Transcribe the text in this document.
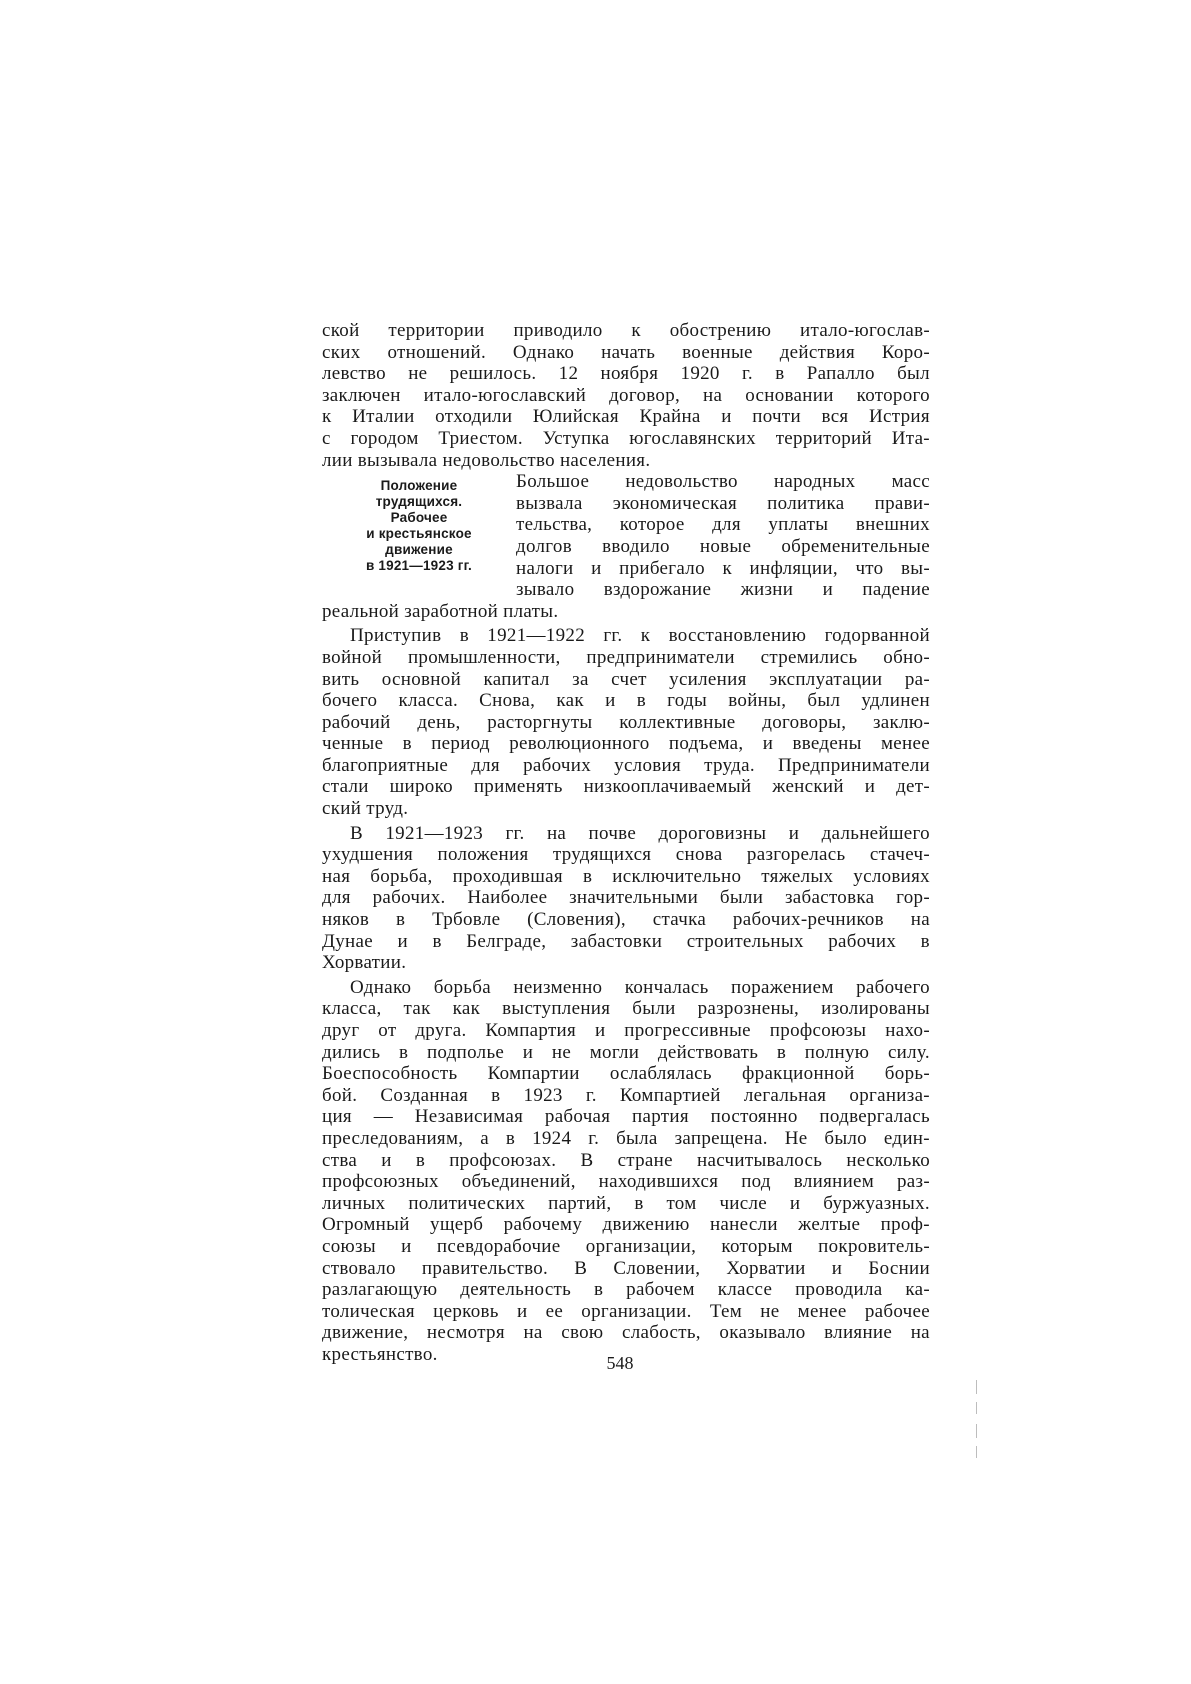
ской территории приводило к обострению итало-югослав-
ских отношений. Однако начать военные действия Коро-
левство не решилось. 12 ноября 1920 г. в Рапалло был
заключен итало-югославский договор, на основании которого
к Италии отходили Юлийская Крайна и почти вся Истрия
с городом Триестом. Уступка югославянских территорий Ита-
лии вызывала недовольство населения.
Положение
трудящихся.
Рабочее
и крестьянское
движение
в 1921—1923 гг.
Большое недовольство народных масс
вызвала экономическая политика прави-
тельства, которое для уплаты внешних
долгов вводило новые обременительные
налоги и прибегало к инфляции, что вы-
зывало вздорожание жизни и падение
реальной заработной платы.
Приступив в 1921—1922 гг. к восстановлению годорванной
войной промышленности, предприниматели стремились обно-
вить основной капитал за счет усиления эксплуатации ра-
бочего класса. Снова, как и в годы войны, был удлинен
рабочий день, расторгнуты коллективные договоры, заклю-
ченные в период революционного подъема, и введены менее
благоприятные для рабочих условия труда. Предприниматели
стали широко применять низкооплачиваемый женский и дет-
ский труд.
В 1921—1923 гг. на почве дороговизны и дальнейшего
ухудшения положения трудящихся снова разгорелась стачеч-
ная борьба, проходившая в исключительно тяжелых условиях
для рабочих. Наиболее значительными были забастовка гор-
няков в Трбовле (Словения), стачка рабочих-речников на
Дунае и в Белграде, забастовки строительных рабочих в
Хорватии.
Однако борьба неизменно кончалась поражением рабочего
класса, так как выступления были разрознены, изолированы
друг от друга. Компартия и прогрессивные профсоюзы нахо-
дились в подполье и не могли действовать в полную силу.
Боеспособность Компартии ослаблялась фракционной борь-
бой. Созданная в 1923 г. Компартией легальная организа-
ция — Независимая рабочая партия постоянно подвергалась
преследованиям, а в 1924 г. была запрещена. Не было един-
ства и в профсоюзах. В стране насчитывалось несколько
профсоюзных объединений, находившихся под влиянием раз-
личных политических партий, в том числе и буржуазных.
Огромный ущерб рабочему движению нанесли желтые проф-
союзы и псевдорабочие организации, которым покровитель-
ствовало правительство. В Словении, Хорватии и Боснии
разлагающую деятельность в рабочем классе проводила ка-
толическая церковь и ее организации. Тем не менее рабочее
движение, несмотря на свою слабость, оказывало влияние на
крестьянство.	548
